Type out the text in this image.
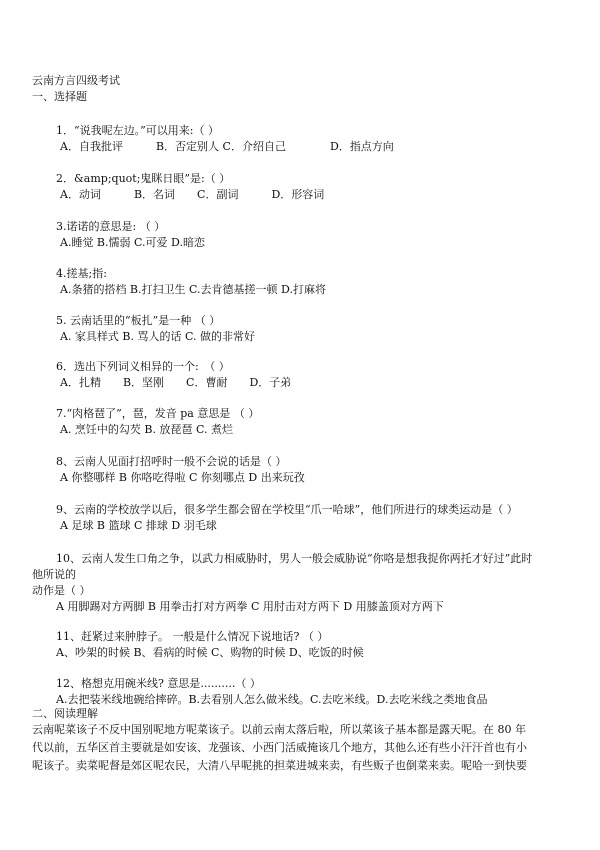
云南方言四级考试
一、选择题
1．“说我呢左边。”可以用来:（ ）
A．自我批评　　　B．否定别人 C．介绍自己　　　　D．指点方向
2．&amp;quot;鬼眯日眼”是:（ ）
A．动词　　　B．名词　　C．副词　　　D．形容词
3.诺诺的意思是: （ ）
A.睡觉 B.懦弱 C.可爱 D.暗恋
4.搓基;指:
A.条猪的搭档 B.打扫卫生 C.去肯德基搓一顿 D.打麻将
5. 云南话里的“板扎”是一种 （ ）
A. 家具样式 B. 骂人的话 C. 做的非常好
6．选出下列词义相异的一个:　（ ）
A．扎精　　B．坚刚　　C．曹耐　　D．子弟
7.“肉格琶了”，琶，发音 pa 意思是 （ ）
A. 烹饪中的勾芡 B. 放琵琶 C. 煮烂
8、云南人见面打招呼时一般不会说的话是（ ）
A 你整哪样 B 你咯吃得啦 C 你刻哪点 D 出来玩孜
9、云南的学校放学以后，很多学生都会留在学校里“爪一哈球”，他们所进行的球类运动是（ ）
A 足球 B 篮球 C 排球 D 羽毛球
10、云南人发生口角之争，以武力相威胁时，男人一般会威胁说“你咯是想我捉你两托才好过”此时
他所说的
动作是（ ）
A 用脚踢对方两脚 B 用拳击打对方两拳 C 用肘击对方两下 D 用膝盖顶对方两下
11、赶紧过来肿脖子。 一般是什么情况下说地话? （ ）
A、吵架的时候 B、看病的时候 C、购物的时候 D、吃饭的时候
12、格想克用碗米线? 意思是..........（ ）
A.去把装米线地碗给摔碎。B.去看别人怎么做米线。C.去吃米线。D.去吃米线之类地食品
二、阅读理解
云南呢菜该子不反中国别呢地方呢菜该子。以前云南太落后啦，所以菜该子基本都是露天呢。在 80 年
代以前，五华区首主要就是如安该、龙强该、小西门活威掩该几个地方，其他么还有些小汗汗首也有小
呢该子。卖菜呢督是郊区呢农民，大清八早呢挑的担菜进城来卖，有些贩子也倒菜来卖。呢哈一到快要
